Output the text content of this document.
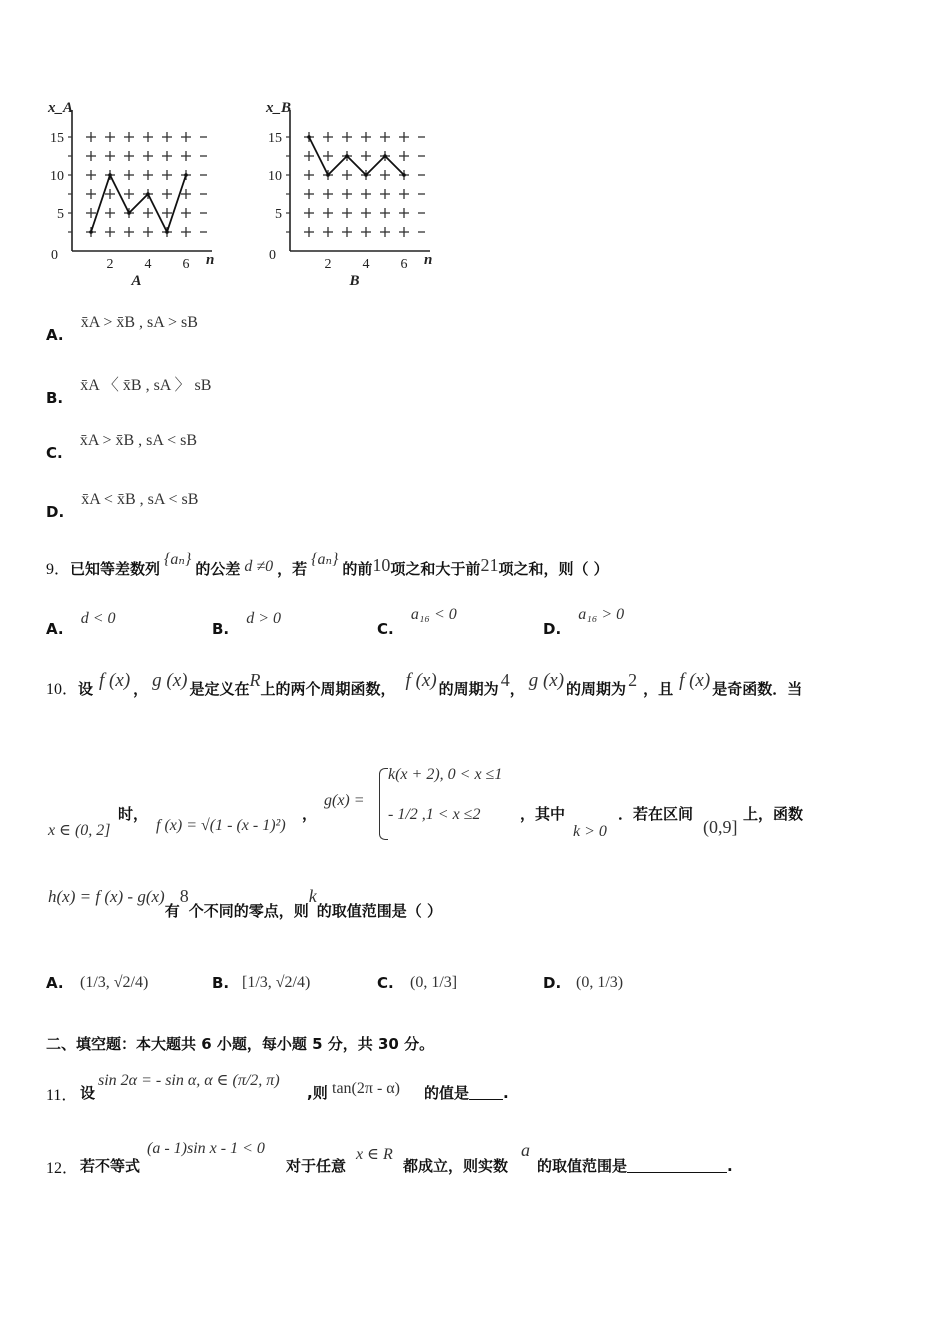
15
10
5
2 4 6
0
x_A
n
A
15
10
5
2 4 6
0
x_B
n
B
A. x̄A > x̄B , sA > sB
B. x̄A 〈 x̄B , sA 〉 sB
C. x̄A > x̄B , sA < sB
D. x̄A < x̄B , sA < sB
9．已知等差数列{aₙ}的公差 d ≠0 ，若{aₙ}的前10项之和大于前21项之和，则（ ）
A. d < 0
B. d > 0
C. a₁₆ < 0
D. a₁₆ > 0
10．设 f (x) ， g (x) 是定义在R上的两个周期函数， f (x) 的周期为 4， g (x) 的周期为 2 ，且 f (x) 是奇函数．当
x ∈ (0, 2]
时，
f (x) = √(1 - (x - 1)²)
，
g(x) =
k(x + 2), 0 < x ≤1
- 1/2 ,1 < x ≤2	，其中
k > 0
．若在区间
(0,9]
上，函数
h(x) = f (x) - g(x)有8个不同的零点，则k的取值范围是（ ）
A. (1/3, √2/4)	B. [1/3, √2/4)	C. (0, 1/3]	D. (0, 1/3)
二、填空题：本大题共 6 小题，每小题 5 分，共 30 分。
11． 设
sin 2α = - sin α, α ∈ (π/2, π)
,则 tan(2π - α) 的值是 .
12． 若不等式
(a - 1)sin x - 1 < 0
对于任意
x ∈ R
都成立，则实数
a
的取值范围是	.
